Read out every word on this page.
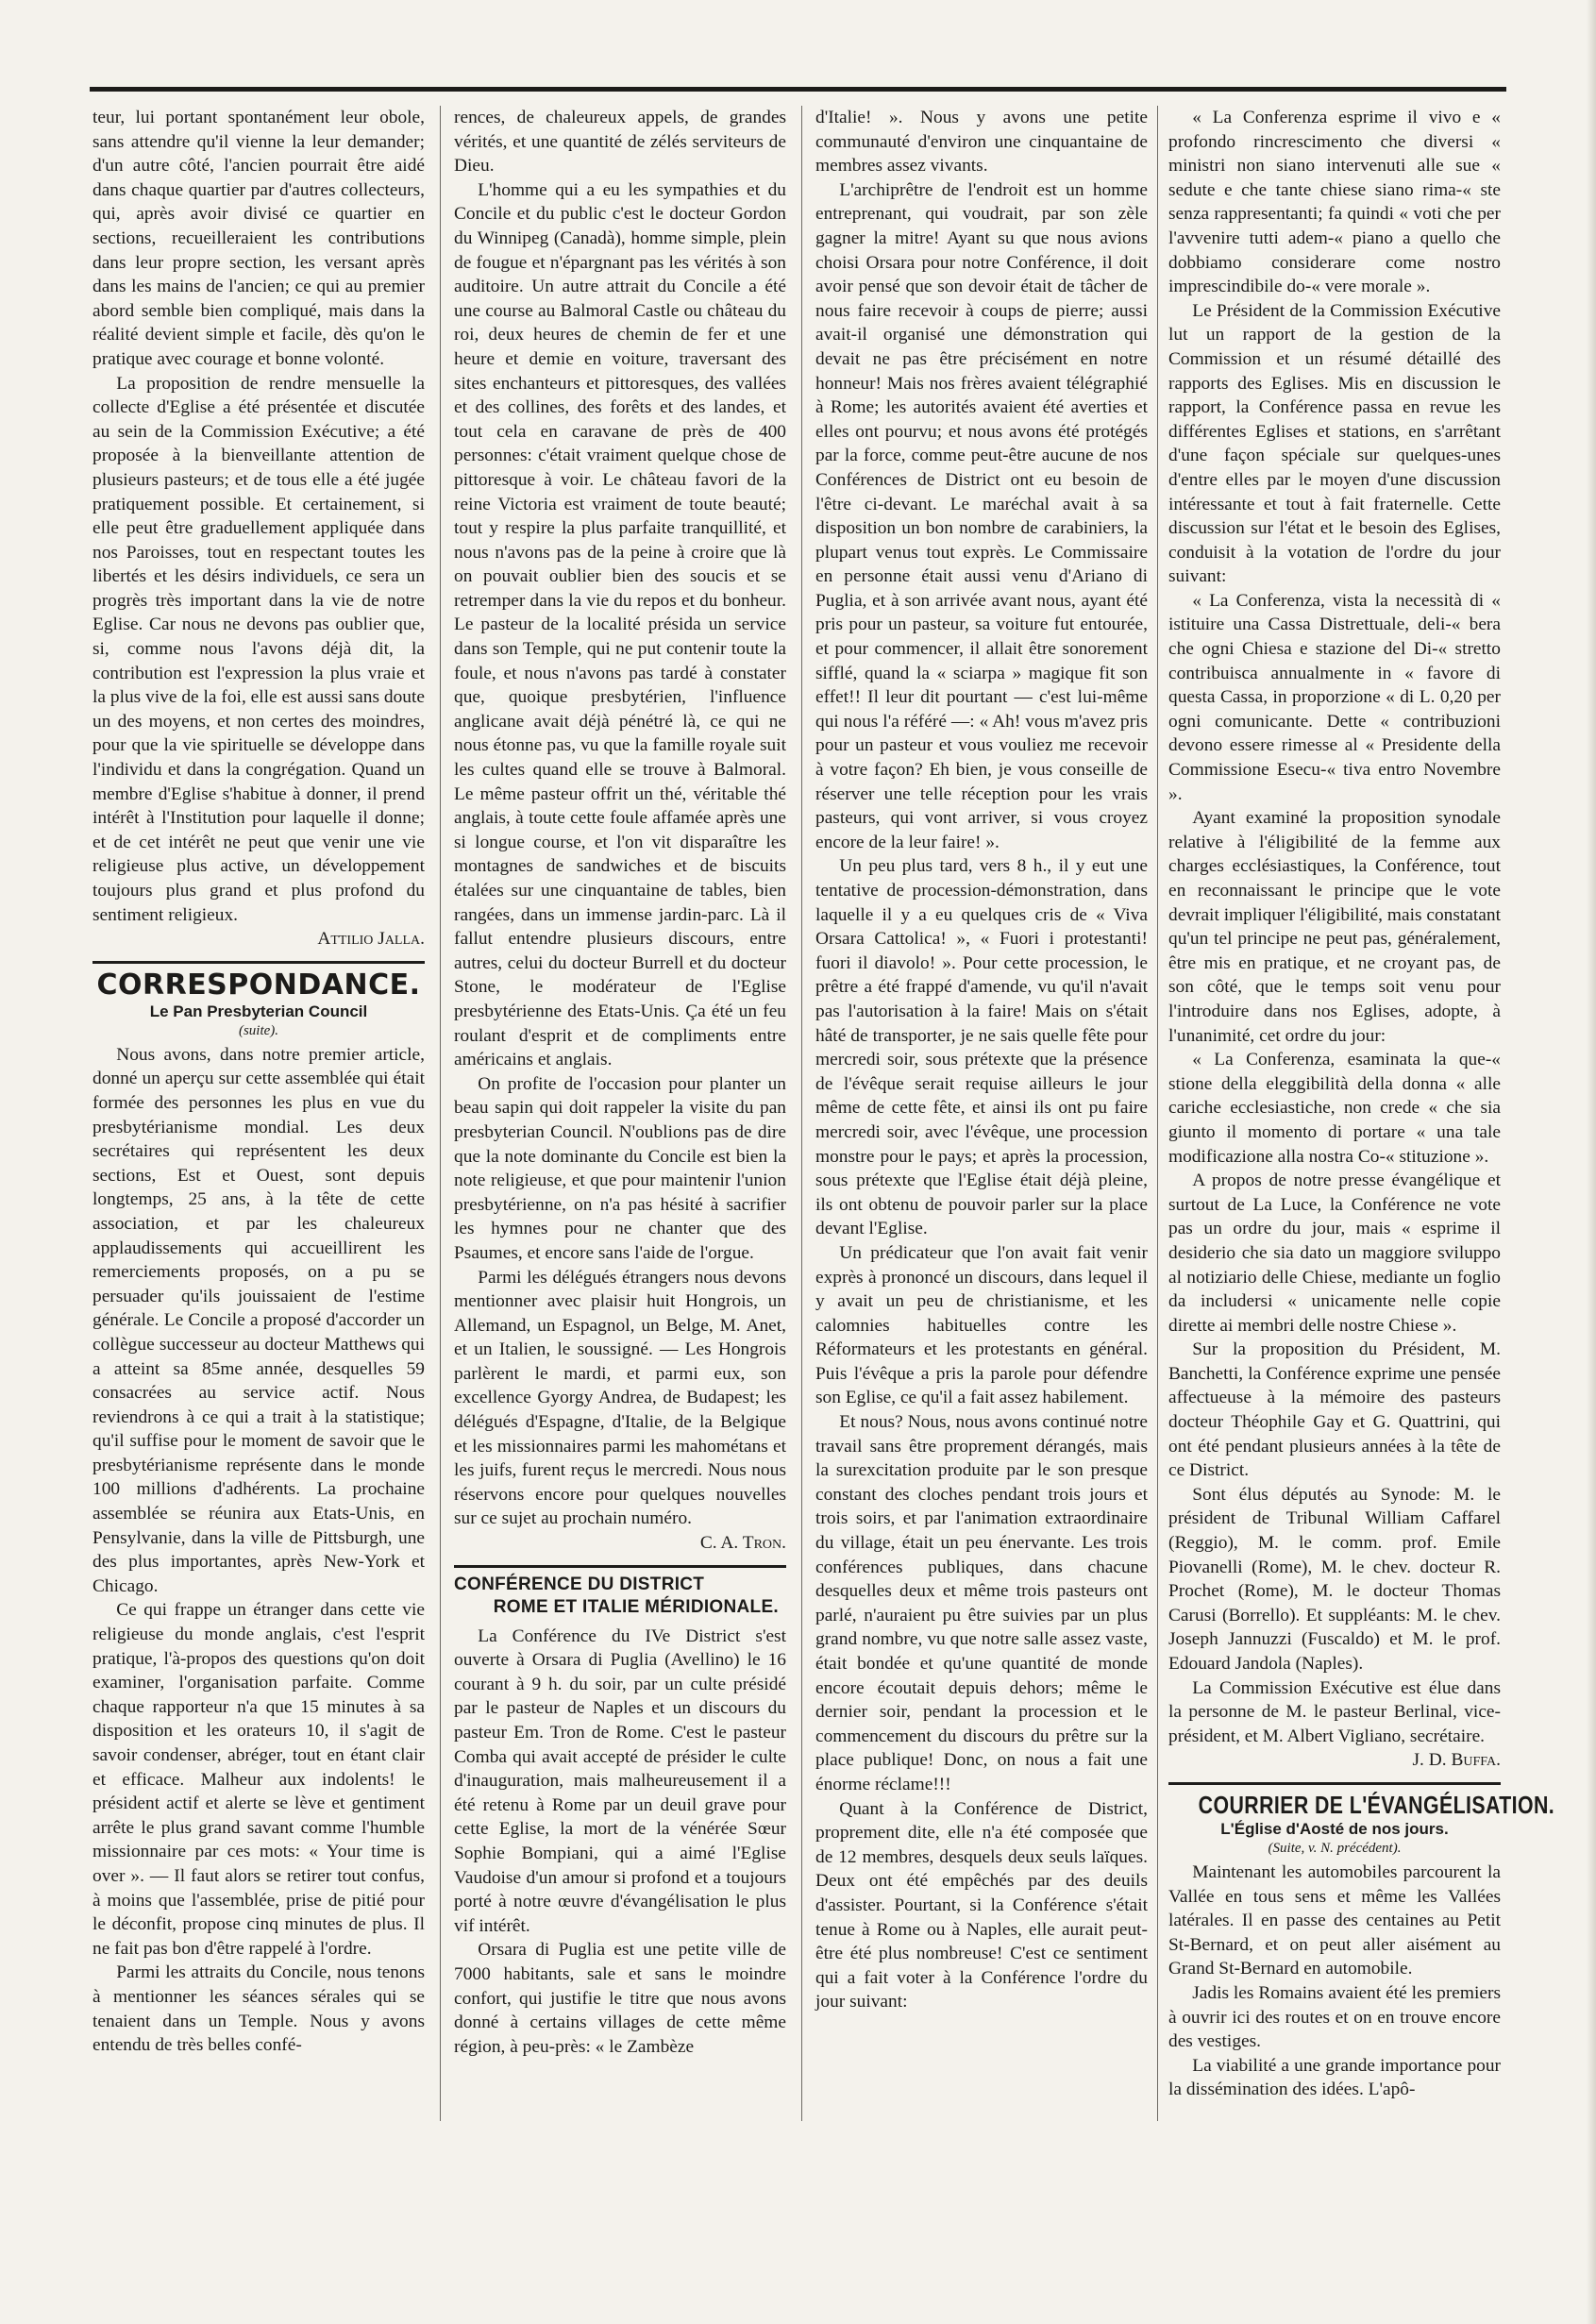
teur, lui portant spontanément leur obole, sans attendre qu'il vienne la leur demander; d'un autre côté, l'ancien pourrait être aidé dans chaque quartier par d'autres collecteurs, qui, après avoir divisé ce quartier en sections, recueilleraient les contributions dans leur propre section, les versant après dans les mains de l'ancien; ce qui au premier abord semble bien compliqué, mais dans la réalité devient simple et facile, dès qu'on le pratique avec courage et bonne volonté.

La proposition de rendre mensuelle la collecte d'Eglise a été présentée et discutée au sein de la Commission Exécutive; a été proposée à la bienveillante attention de plusieurs pasteurs; et de tous elle a été jugée pratiquement possible. Et certainement, si elle peut être graduellement appliquée dans nos Paroisses, tout en respectant toutes les libertés et les désirs individuels, ce sera un progrès très important dans la vie de notre Eglise. Car nous ne devons pas oublier que, si, comme nous l'avons déjà dit, la contribution est l'expression la plus vraie et la plus vive de la foi, elle est aussi sans doute un des moyens, et non certes des moindres, pour que la vie spirituelle se développe dans l'individu et dans la congrégation. Quand un membre d'Eglise s'habitue à donner, il prend intérêt à l'Institution pour laquelle il donne; et de cet intérêt ne peut que venir une vie religieuse plus active, un développement toujours plus grand et plus profond du sentiment religieux.

Attilio Jalla.

CORRESPONDANCE.
Le Pan Presbyterian Council
(suite).

Nous avons, dans notre premier article, donné un aperçu sur cette assemblée qui était formée des personnes les plus en vue du presbytérianisme mondial. Les deux secrétaires qui représentent les deux sections, Est et Ouest, sont depuis longtemps, 25 ans, à la tête de cette association, et par les chaleureux applaudissements qui accueillirent les remerciements proposés, on a pu se persuader qu'ils jouissaient de l'estime générale. Le Concile a proposé d'accorder un collègue successeur au docteur Matthews qui a atteint sa 85me année, desquelles 59 consacrées au service actif. Nous reviendrons à ce qui a trait à la statistique; qu'il suffise pour le moment de savoir que le presbytérianisme représente dans le monde 100 millions d'adhérents. La prochaine assemblée se réunira aux Etats-Unis, en Pensylvanie, dans la ville de Pittsburgh, une des plus importantes, après New-York et Chicago.

Ce qui frappe un étranger dans cette vie religieuse du monde anglais, c'est l'esprit pratique, l'à-propos des questions qu'on doit examiner, l'organisation parfaite. Comme chaque rapporteur n'a que 15 minutes à sa disposition et les orateurs 10, il s'agit de savoir condenser, abréger, tout en étant clair et efficace. Malheur aux indolents! le président actif et alerte se lève et gentiment arrête le plus grand savant comme l'humble missionnaire par ces mots: « Your time is over ». — Il faut alors se retirer tout confus, à moins que l'assemblée, prise de pitié pour le déconfit, propose cinq minutes de plus. Il ne fait pas bon d'être rappelé à l'ordre.

Parmi les attraits du Concile, nous tenons à mentionner les séances sérales qui se tenaient dans un Temple. Nous y avons entendu de très belles confé-

rences, de chaleureux appels, de grandes vérités, et une quantité de zélés serviteurs de Dieu.

L'homme qui a eu les sympathies et du Concile et du public c'est le docteur Gordon du Winnipeg (Canadà), homme simple, plein de fougue et n'épargnant pas les vérités à son auditoire. Un autre attrait du Concile a été une course au Balmoral Castle ou château du roi, deux heures de chemin de fer et une heure et demie en voiture, traversant des sites enchanteurs et pittoresques, des vallées et des collines, des forêts et des landes, et tout cela en caravane de près de 400 personnes: c'était vraiment quelque chose de pittoresque à voir. Le château favori de la reine Victoria est vraiment de toute beauté; tout y respire la plus parfaite tranquillité, et nous n'avons pas de la peine à croire que là on pouvait oublier bien des soucis et se retremper dans la vie du repos et du bonheur. Le pasteur de la localité présida un service dans son Temple, qui ne put contenir toute la foule, et nous n'avons pas tardé à constater que, quoique presbytérien, l'influence anglicane avait déjà pénétré là, ce qui ne nous étonne pas, vu que la famille royale suit les cultes quand elle se trouve à Balmoral. Le même pasteur offrit un thé, véritable thé anglais, à toute cette foule affamée après une si longue course, et l'on vit disparaître les montagnes de sandwiches et de biscuits étalées sur une cinquantaine de tables, bien rangées, dans un immense jardin-parc. Là il fallut entendre plusieurs discours, entre autres, celui du docteur Burrell et du docteur Stone, le modérateur de l'Eglise presbytérienne des Etats-Unis. Ça été un feu roulant d'esprit et de compliments entre américains et anglais.

On profite de l'occasion pour planter un beau sapin qui doit rappeler la visite du pan presbyterian Council. N'oublions pas de dire que la note dominante du Concile est bien la note religieuse, et que pour maintenir l'union presbytérienne, on n'a pas hésité à sacrifier les hymnes pour ne chanter que des Psaumes, et encore sans l'aide de l'orgue.

Parmi les délégués étrangers nous devons mentionner avec plaisir huit Hongrois, un Allemand, un Espagnol, un Belge, M. Anet, et un Italien, le soussigné. — Les Hongrois parlèrent le mardi, et parmi eux, son excellence Gyorgy Andrea, de Budapest; les délégués d'Espagne, d'Italie, de la Belgique et les missionnaires parmi les mahométans et les juifs, furent reçus le mercredi. Nous nous réservons encore pour quelques nouvelles sur ce sujet au prochain numéro.

C. A. Tron.

CONFÉRENCE DU DISTRICT
ROME ET ITALIE MÉRIDIONALE.

La Conférence du IVe District s'est ouverte à Orsara di Puglia (Avellino) le 16 courant à 9 h. du soir, par un culte présidé par le pasteur de Naples et un discours du pasteur Em. Tron de Rome. C'est le pasteur Comba qui avait accepté de présider le culte d'inauguration, mais malheureusement il a été retenu à Rome par un deuil grave pour cette Eglise, la mort de la vénérée Sœur Sophie Bompiani, qui a aimé l'Eglise Vaudoise d'un amour si profond et a toujours porté à notre œuvre d'évangélisation le plus vif intérêt.

Orsara di Puglia est une petite ville de 7000 habitants, sale et sans le moindre confort, qui justifie le titre que nous avons donné à certains villages de cette même région, à peu-près: « le Zambèze

d'Italie! ». Nous y avons une petite communauté d'environ une cinquantaine de membres assez vivants.

L'archiprêtre de l'endroit est un homme entreprenant, qui voudrait, par son zèle gagner la mitre! Ayant su que nous avions choisi Orsara pour notre Conférence, il doit avoir pensé que son devoir était de tâcher de nous faire recevoir à coups de pierre; aussi avait-il organisé une démonstration qui devait ne pas être précisément en notre honneur! Mais nos frères avaient télégraphié à Rome; les autorités avaient été averties et elles ont pourvu; et nous avons été protégés par la force, comme peut-être aucune de nos Conférences de District ont eu besoin de l'être ci-devant. Le maréchal avait à sa disposition un bon nombre de carabiniers, la plupart venus tout exprès. Le Commissaire en personne était aussi venu d'Ariano di Puglia, et à son arrivée avant nous, ayant été pris pour un pasteur, sa voiture fut entourée, et pour commencer, il allait être sonorement sifflé, quand la « sciarpa » magique fit son effet!! Il leur dit pourtant — c'est lui-même qui nous l'a référé —: « Ah! vous m'avez pris pour un pasteur et vous vouliez me recevoir à votre façon? Eh bien, je vous conseille de réserver une telle réception pour les vrais pasteurs, qui vont arriver, si vous croyez encore de la leur faire! ».

Un peu plus tard, vers 8 h., il y eut une tentative de procession-démonstration, dans laquelle il y a eu quelques cris de « Viva Orsara Cattolica! », « Fuori i protestanti! fuori il diavolo! ». Pour cette procession, le prêtre a été frappé d'amende, vu qu'il n'avait pas l'autorisation à la faire! Mais on s'était hâté de transporter, je ne sais quelle fête pour mercredi soir, sous prétexte que la présence de l'évêque serait requise ailleurs le jour même de cette fête, et ainsi ils ont pu faire mercredi soir, avec l'évêque, une procession monstre pour le pays; et après la procession, sous prétexte que l'Eglise était déjà pleine, ils ont obtenu de pouvoir parler sur la place devant l'Eglise.

Un prédicateur que l'on avait fait venir exprès à prononcé un discours, dans lequel il y avait un peu de christianisme, et les calomnies habituelles contre les Réformateurs et les protestants en général. Puis l'évêque a pris la parole pour défendre son Eglise, ce qu'il a fait assez habilement.

Et nous? Nous, nous avons continué notre travail sans être proprement dérangés, mais la surexcitation produite par le son presque constant des cloches pendant trois jours et trois soirs, et par l'animation extraordinaire du village, était un peu énervante. Les trois conférences publiques, dans chacune desquelles deux et même trois pasteurs ont parlé, n'auraient pu être suivies par un plus grand nombre, vu que notre salle assez vaste, était bondée et qu'une quantité de monde encore écoutait depuis dehors; même le dernier soir, pendant la procession et le commencement du discours du prêtre sur la place publique! Donc, on nous a fait une énorme réclame!!!

Quant à la Conférence de District, proprement dite, elle n'a été composée que de 12 membres, desquels deux seuls laïques. Deux ont été empêchés par des deuils d'assister. Pourtant, si la Conférence s'était tenue à Rome ou à Naples, elle aurait peut-être été plus nombreuse! C'est ce sentiment qui a fait voter à la Conférence l'ordre du jour suivant:

« La Conferenza esprime il vivo e « profondo rincrescimento che diversi « ministri non siano intervenuti alle sue « sedute e che tante chiese siano rima-« ste senza rappresentanti; fa quindi « voti che per l'avvenire tutti adem-« piano a quello che dobbiamo considerare come nostro imprescindibile do-« vere morale ».

Le Président de la Commission Exécutive lut un rapport de la gestion de la Commission et un résumé détaillé des rapports des Eglises. Mis en discussion le rapport, la Conférence passa en revue les différentes Eglises et stations, en s'arrêtant d'une façon spéciale sur quelques-unes d'entre elles par le moyen d'une discussion intéressante et tout à fait fraternelle. Cette discussion sur l'état et le besoin des Eglises, conduisit à la votation de l'ordre du jour suivant:

« La Conferenza, vista la necessità di « istituire una Cassa Distrettuale, deli-« bera che ogni Chiesa e stazione del Di-« stretto contribuisca annualmente in « favore di questa Cassa, in proporzione « di L. 0,20 per ogni comunicante. Dette « contribuzioni devono essere rimesse al « Presidente della Commissione Esecu-« tiva entro Novembre ».

Ayant examiné la proposition synodale relative à l'éligibilité de la femme aux charges ecclésiastiques, la Conférence, tout en reconnaissant le principe que le vote devrait impliquer l'éligibilité, mais constatant qu'un tel principe ne peut pas, généralement, être mis en pratique, et ne croyant pas, de son côté, que le temps soit venu pour l'introduire dans nos Eglises, adopte, à l'unanimité, cet ordre du jour:

« La Conferenza, esaminata la que-« stione della eleggibilità della donna « alle cariche ecclesiastiche, non crede « che sia giunto il momento di portare « una tale modificazione alla nostra Co-« stituzione ».

A propos de notre presse évangélique et surtout de La Luce, la Conférence ne vote pas un ordre du jour, mais « esprime il desiderio che sia dato un maggiore sviluppo al notiziario delle Chiese, mediante un foglio da includersi « unicamente nelle copie dirette ai membri delle nostre Chiese ».

Sur la proposition du Président, M. Banchetti, la Conférence exprime une pensée affectueuse à la mémoire des pasteurs docteur Théophile Gay et G. Quattrini, qui ont été pendant plusieurs années à la tête de ce District.

Sont élus députés au Synode: M. le président de Tribunal William Caffarel (Reggio), M. le comm. prof. Emile Piovanelli (Rome), M. le chev. docteur R. Prochet (Rome), M. le docteur Thomas Carusi (Borrello). Et suppléants: M. le chev. Joseph Jannuzzi (Fuscaldo) et M. le prof. Edouard Jandola (Naples).

La Commission Exécutive est élue dans la personne de M. le pasteur Berlinal, vice-président, et M. Albert Vigliano, secrétaire.

J. D. Buffa.

COURRIER DE L'ÉVANGÉLISATION.
L'Église d'Aosté de nos jours.
(Suite, v. N. précédent).

Maintenant les automobiles parcourent la Vallée en tous sens et même les Vallées latérales. Il en passe des centaines au Petit St-Bernard, et on peut aller aisément au Grand St-Bernard en automobile.

Jadis les Romains avaient été les premiers à ouvrir ici des routes et on en trouve encore des vestiges.

La viabilité a une grande importance pour la dissémination des idées. L'apô-
